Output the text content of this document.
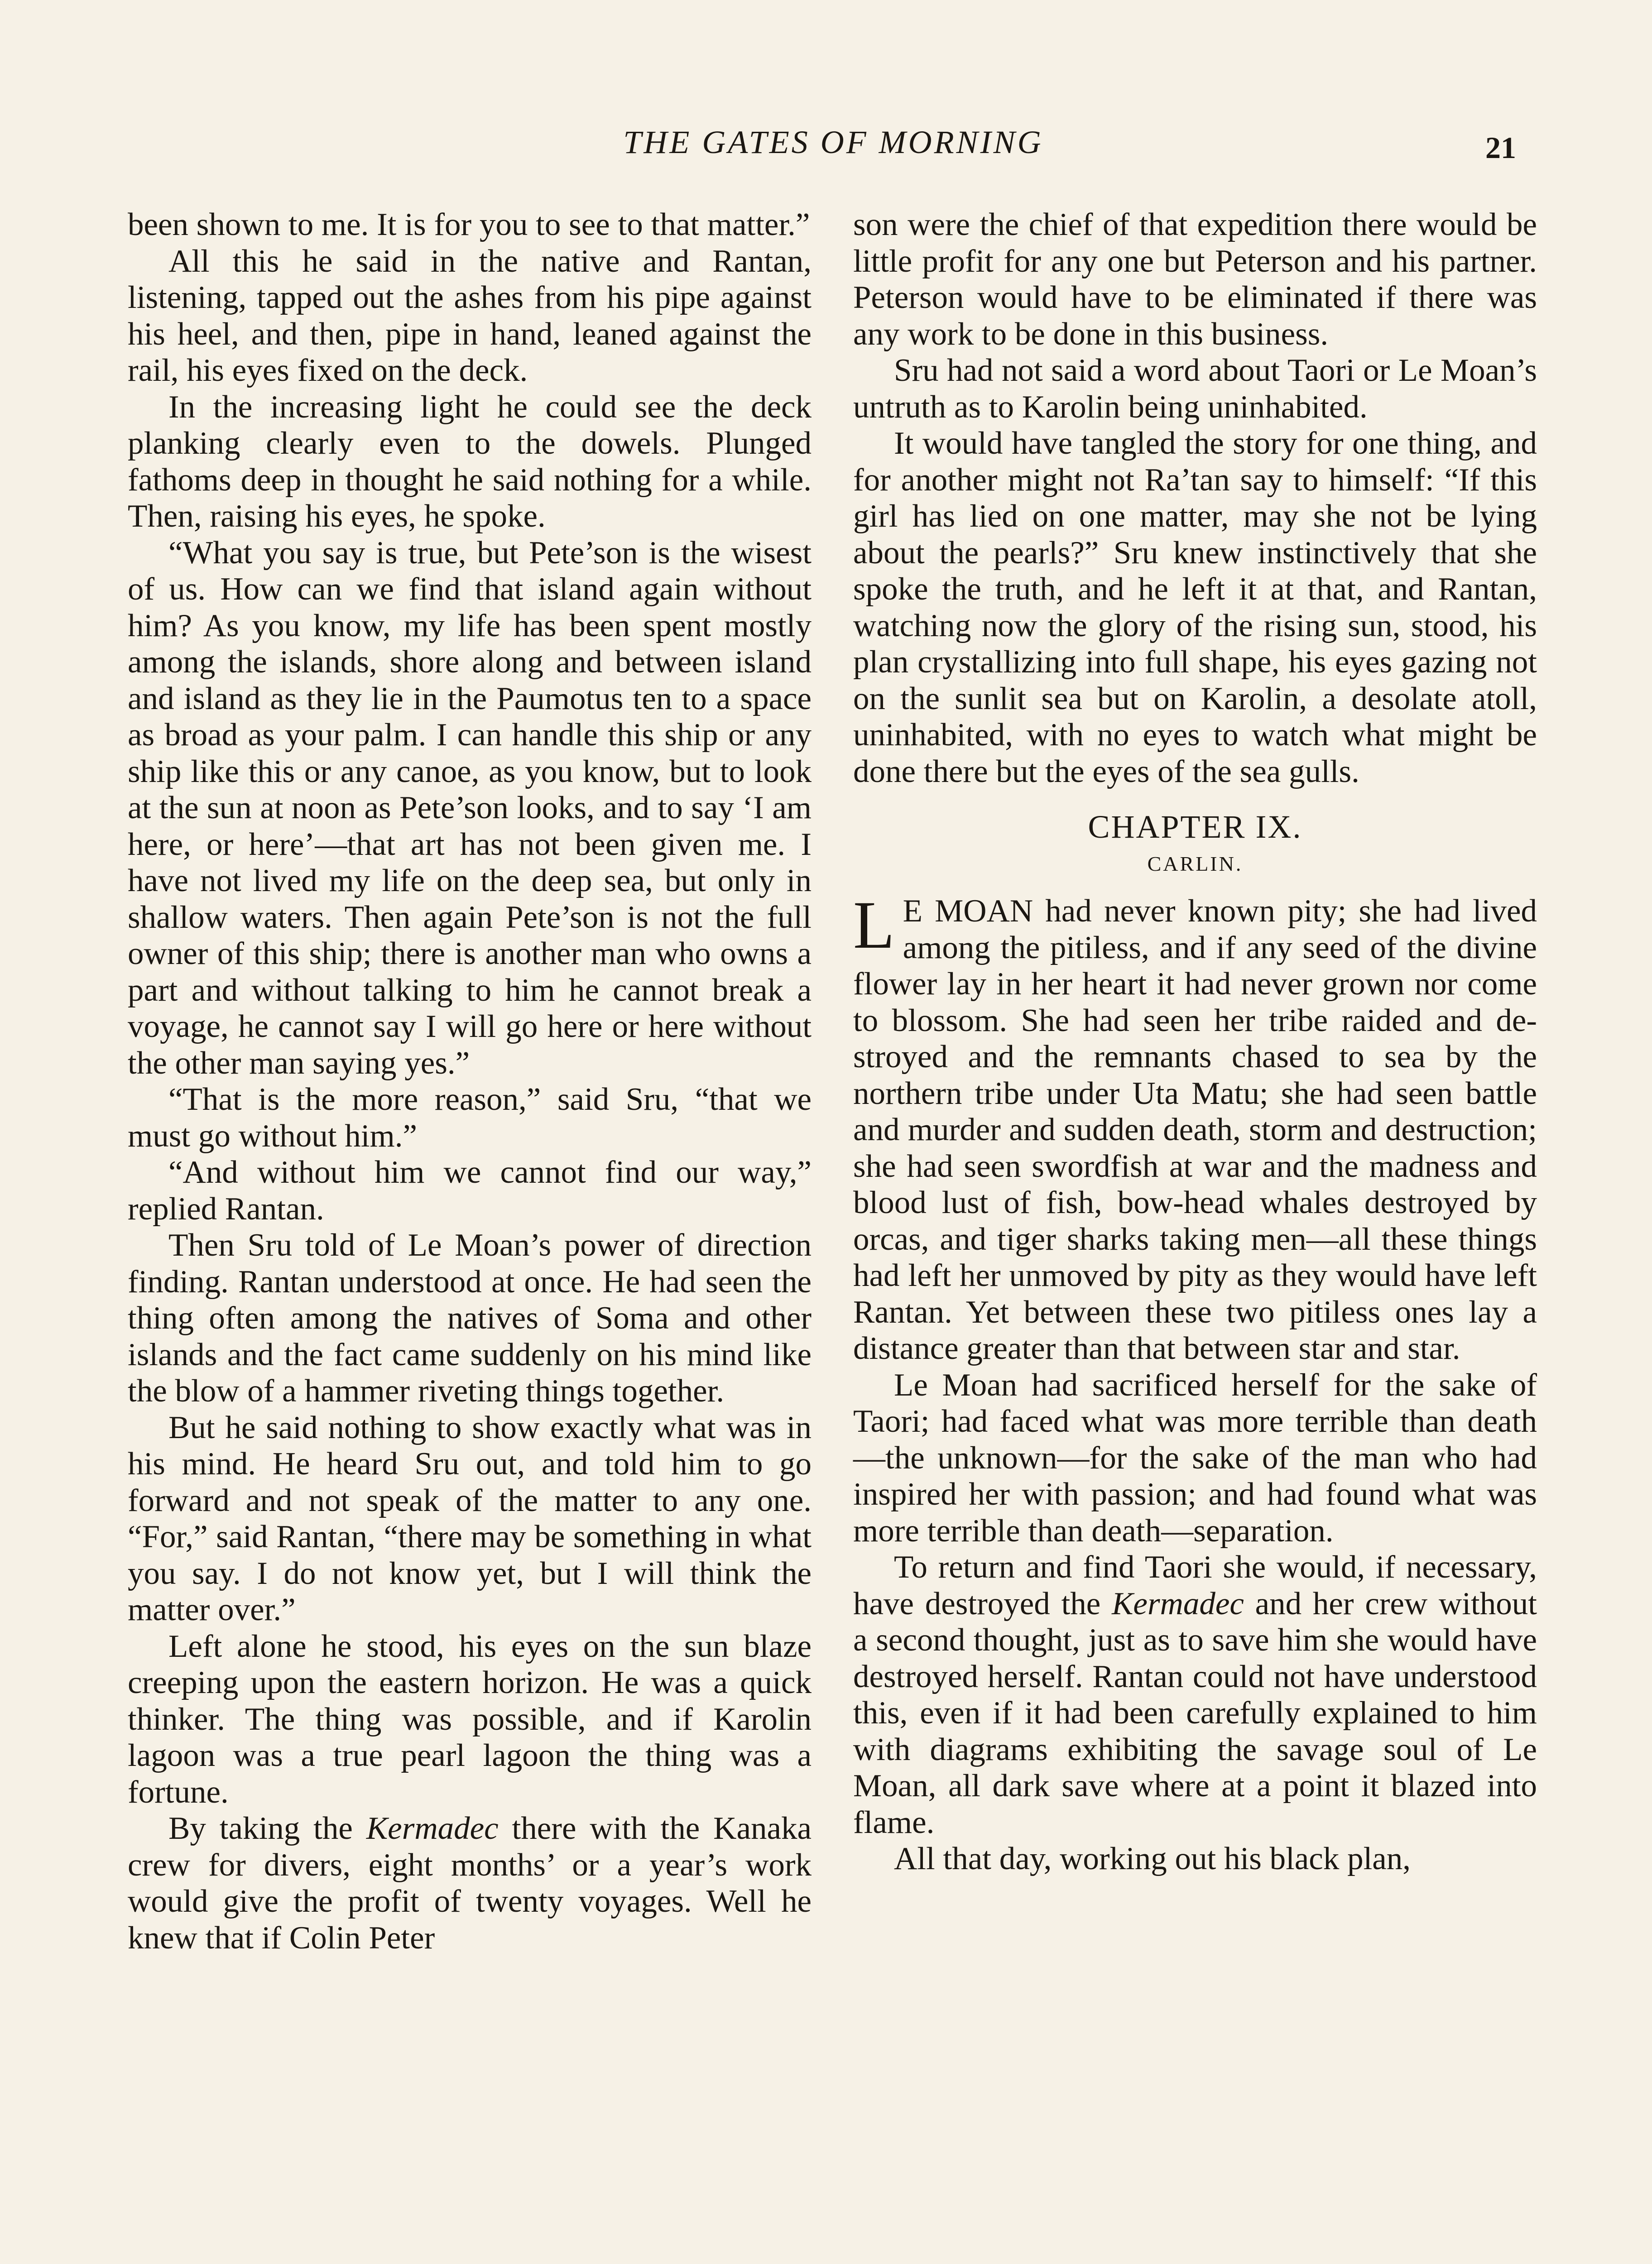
THE GATES OF MORNING	21

been shown to me. It is for you to see to that matter.”

All this he said in the native and Rantan, listening, tapped out the ashes from his pipe against his heel, and then, pipe in hand, leaned against the rail, his eyes fixed on the deck.

In the increasing light he could see the deck planking clearly even to the dowels. Plunged fathoms deep in thought he said nothing for a while. Then, raising his eyes, he spoke.

“What you say is true, but Pete’son is the wisest of us. How can we find that island again without him? As you know, my life has been spent mostly among the islands, shore along and between island and island as they lie in the Paumotus ten to a space as broad as your palm. I can handle this ship or any ship like this or any canoe, as you know, but to look at the sun at noon as Pete’son looks, and to say ‘I am here, or here’—that art has not been given me. I have not lived my life on the deep sea, but only in shallow waters. Then again Pete’son is not the full owner of this ship; there is another man who owns a part and without talking to him he cannot break a voyage, he cannot say I will go here or here without the other man saying yes.”

“That is the more reason,” said Sru, “that we must go without him.”

“And without him we cannot find our way,” replied Rantan.

Then Sru told of Le Moan’s power of direction finding. Rantan understood at once. He had seen the thing often among the natives of Soma and other islands and the fact came suddenly on his mind like the blow of a hammer riveting things together.

But he said nothing to show exactly what was in his mind. He heard Sru out, and told him to go forward and not speak of the matter to any one. “For,” said Rantan, “there may be something in what you say. I do not know yet, but I will think the matter over.”

Left alone he stood, his eyes on the sun blaze creeping upon the eastern horizon. He was a quick thinker. The thing was possible, and if Karolin lagoon was a true pearl lagoon the thing was a fortune.

By taking the Kermadec there with the Kanaka crew for divers, eight months’ or a year’s work would give the profit of twenty voyages. Well he knew that if Colin Peter

son were the chief of that expedition there would be little profit for any one but Peterson and his partner. Peterson would have to be eliminated if there was any work to be done in this business.

Sru had not said a word about Taori or Le Moan’s untruth as to Karolin being uninhabited.

It would have tangled the story for one thing, and for another might not Ra’tan say to himself: “If this girl has lied on one matter, may she not be lying about the pearls?” Sru knew instinctively that she spoke the truth, and he left it at that, and Rantan, watching now the glory of the rising sun, stood, his plan crystallizing into full shape, his eyes gazing not on the sunlit sea but on Karolin, a desolate atoll, uninhabited, with no eyes to watch what might be done there but the eyes of the sea gulls.

CHAPTER IX.
CARLIN.

L E MOAN had never known pity; she had lived among the pitiless, and if any seed of the divine flower lay in her heart it had never grown nor come to blossom. She had seen her tribe raided and destroyed and the remnants chased to sea by the northern tribe under Uta Matu; she had seen battle and murder and sudden death, storm and destruction; she had seen swordfish at war and the madness and blood lust of fish, bow-head whales destroyed by orcas, and tiger sharks taking men—all these things had left her unmoved by pity as they would have left Rantan. Yet between these two pitiless ones lay a distance greater than that between star and star.

Le Moan had sacrificed herself for the sake of Taori; had faced what was more terrible than death—the unknown—for the sake of the man who had inspired her with passion; and had found what was more terrible than death—separation.

To return and find Taori she would, if necessary, have destroyed the Kermadec and her crew without a second thought, just as to save him she would have destroyed herself. Rantan could not have understood this, even if it had been carefully explained to him with diagrams exhibiting the savage soul of Le Moan, all dark save where at a point it blazed into flame.

All that day, working out his black plan,
